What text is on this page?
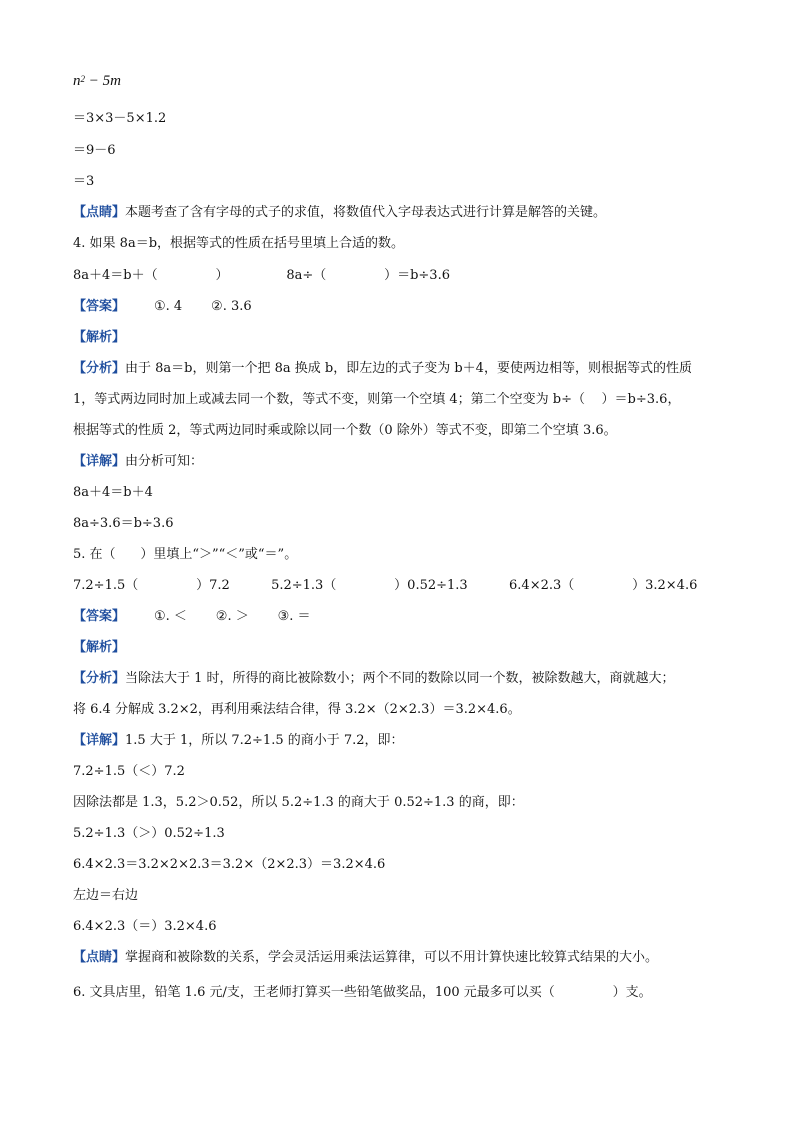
$n^2 - 5m$
＝3×3－5×1.2
＝9－6
＝3
【点睛】本题考查了含有字母的式子的求值，将数值代入字母表达式进行计算是解答的关键。
4. 如果 8a＝b，根据等式的性质在括号里填上合适的数。
8a＋4＝b＋（              ）              8a÷（              ）＝b÷3.6
【答案】       ①. 4       ②. 3.6
【解析】
【分析】由于 8a＝b，则第一个把 8a 换成 b，即左边的式子变为 b＋4，要使两边相等，则根据等式的性质
1，等式两边同时加上或减去同一个数，等式不变，则第一个空填 4；第二个空变为 b÷（    ）＝b÷3.6，
根据等式的性质 2，等式两边同时乘或除以同一个数（0 除外）等式不变，即第二个空填 3.6。
【详解】由分析可知：
8a＋4＝b＋4
8a÷3.6＝b÷3.6
5. 在（      ）里填上“＞”“＜”或“＝”。
7.2÷1.5（              ）7.2          5.2÷1.3（              ）0.52÷1.3          6.4×2.3（              ）3.2×4.6
【答案】       ①. ＜       ②. ＞       ③. ＝
【解析】
【分析】当除法大于 1 时，所得的商比被除数小；两个不同的数除以同一个数，被除数越大，商就越大；
将 6.4 分解成 3.2×2，再利用乘法结合律，得 3.2×（2×2.3）＝3.2×4.6。
【详解】1.5 大于 1，所以 7.2÷1.5 的商小于 7.2，即：
7.2÷1.5（＜）7.2
因除法都是 1.3，5.2＞0.52，所以 5.2÷1.3 的商大于 0.52÷1.3 的商，即：
5.2÷1.3（＞）0.52÷1.3
6.4×2.3＝3.2×2×2.3＝3.2×（2×2.3）＝3.2×4.6
左边＝右边
6.4×2.3（＝）3.2×4.6
【点睛】掌握商和被除数的关系，学会灵活运用乘法运算律，可以不用计算快速比较算式结果的大小。
6. 文具店里，铅笔 1.6 元/支，王老师打算买一些铅笔做奖品，100 元最多可以买（              ）支。
